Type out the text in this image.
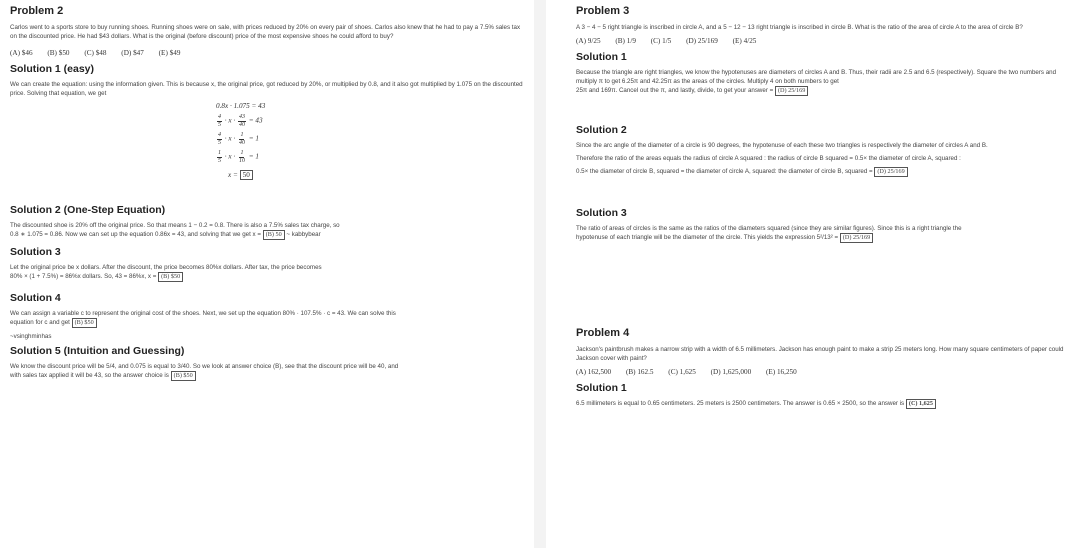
Problem 2

Carlos went to a sports store to buy running shoes. Running shoes were on sale, with prices reduced by 20% on every pair of shoes. Carlos also knew that he had to pay a 7.5% sales tax on the discounted price. He had $43 dollars. What is the original (before discount) price of the most expensive shoes he could afford to buy?

(A) $46 (B) $50 (C) $48 (D) $47 (E) $49
Solution 1 (easy)

We can create the equation: using the information given. This is because x, the original price, got reduced by 20%, or multiplied by 0.8, and it also got multiplied by 1.075 on the discounted price. Solving that equation, we get

0.8x · 1.075 = 43
$\frac{4}{5} \cdot x \cdot \frac{43}{40} = 43$
$\frac{4}{5} \cdot x \cdot \frac{1}{40} = 1$
$\frac{1}{5} \cdot x \cdot \frac{1}{10} = 1$
x = 50
Solution 2 (One-Step Equation)

The discounted shoe is 20% off the original price. So that means 1 − 0.2 = 0.8. There is also a 7.5% sales tax charge, so
0.8 ∗ 1.075 = 0.86. Now we can set up the equation 0.86x = 43, and solving that we get x = (B) 50 ~ kabbybear

Solution 3

Let the original price be x dollars. After the discount, the price becomes 80%x dollars. After tax, the price becomes
80% × (1 + 7.5%) = 86%x dollars. So, 43 = 86%x, x = (B) $50

Solution 4

We can assign a variable c to represent the original cost of the shoes. Next, we set up the equation 80% · 107.5% · c = 43. We can solve this
equation for c and get (B) $50

~vsinghminhas

Solution 5 (Intuition and Guessing)

We know the discount price will be 5/4, and 0.075 is equal to 3/40. So we look at answer choice (B), see that the discount price will be 40, and
with sales tax applied it will be 43, so the answer choice is (B) $50

Problem 3

A 3 − 4 − 5 right triangle is inscribed in circle A, and a 5 − 12 − 13 right triangle is inscribed in circle B. What is the ratio of the area of circle A to the area of circle B?

(A) 9/25 (B) 1/9 (C) 1/5 (D) 25/169 (E) 4/25
Solution 1

Because the triangle are right triangles, we know the hypotenuses are diameters of circles A and B. Thus, their radii are 2.5 and 6.5 (respectively). Square the two numbers and multiply π to get 6.25π and 42.25π as the areas of the circles. Multiply 4 on both numbers to get
25π and 169π. Cancel out the π, and lastly, divide, to get your answer = (D) 25/169

Solution 2

Since the arc angle of the diameter of a circle is 90 degrees, the hypotenuse of each these two triangles is respectively the diameter of circles A and B.

Therefore the ratio of the areas equals the radius of circle A squared : the radius of circle B squared = 0.5× the diameter of circle A, squared :

0.5× the diameter of circle B, squared = the diameter of circle A, squared: the diameter of circle B, squared = (D) 25/169

Solution 3

The ratio of areas of circles is the same as the ratios of the diameters squared (since they are similar figures). Since this is a right triangle the
hypotenuse of each triangle will be the diameter of the circle. This yields the expression 5²/13² = (D) 25/169

Problem 4

Jackson's paintbrush makes a narrow strip with a width of 6.5 millimeters. Jackson has enough paint to make a strip 25 meters long. How many square centimeters of paper could Jackson cover with paint?

(A) 162,500 (B) 162.5 (C) 1,625 (D) 1,625,000 (E) 16,250
Solution 1

6.5 millimeters is equal to 0.65 centimeters. 25 meters is 2500 centimeters. The answer is 0.65 × 2500, so the answer is (C) 1,625
